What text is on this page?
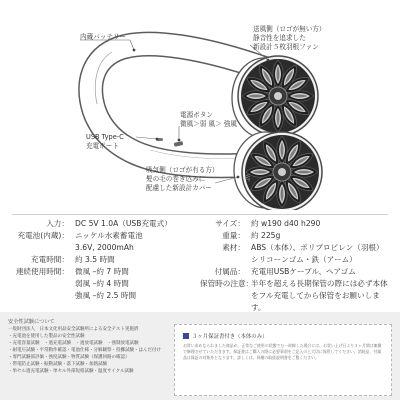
WF
内蔵バッテリー
送風側（ロゴが無い方）
静音性を追求した
新設計５枚羽根ファン
電源ボタン
微風＞弱 風＞ 強風
USB Type-C
充電ポート
吸気側（ロゴが有る方）
髪の毛の巻き込みに
配慮した新設計カバー
入力： DC 5V 1.0A（USB充電式）
充電池(内蔵)： ニッケル水素蓄電池
3.6V, 2000mAh
充電時間： 約 3.5 時間
連続使用時間： 微風 –約 7 時間
弱風 –約 4 時間
強風 –約 2.5 時間
サイズ： 約 w190 d40 h290
重量： 約 225g
素材： ABS（本体）、ポリプロピレン（羽根）
シリコーンゴム・鉄（アーム）
付属品： 充電用USBケーブル、ヘアゴム
保管時の注意：
半年を超える長期保管の際には必ず本体をフル充電してから保管をお願いします。
安全性試験について
一般財団法人　日本文化用品安全試験所による安全テスト実施済
・充電池を使用した製品の安全性試験
・充電容量試験　・過充電試験　・過放電試験　・強制放電試験
・耐電圧試験・平常動作確認・電池仕様・分解観察・投擲試験・はんだ付け
・専門試験部評価・強度試験・物質試験（保護回路の確認）
・帯電防止試験・振動試験・落下試験・加熱試験
・単セル過充電試験・単セル外部短絡試験・温度サイクル試験
３ヶ月保証書付き（本体のみ）
お買い求めなられました商品が、正常なご使用の状態で万一故障した場合には、お買い上げ日より３ヶ月間は無償で修理させていただきます。保証書はご購入の際に必要事項をご記入の上大切に保管してください。消耗品、付属品は保証の対象外となります。詳しくは、同梱の取扱説明書をご覧ください。
